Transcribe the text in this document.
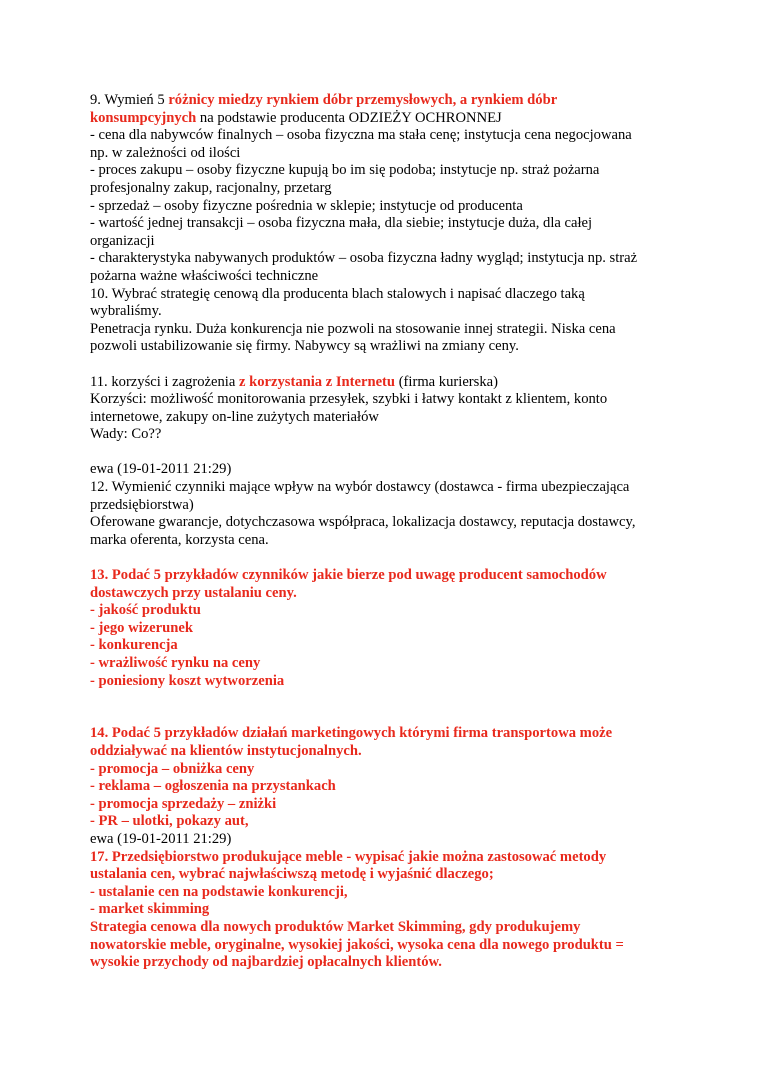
9. Wymień 5 różnicy miedzy rynkiem dóbr przemysłowych, a rynkiem dóbr
konsumpcyjnych na podstawie producenta ODZIEŻY OCHRONNEJ
- cena dla nabywców finalnych – osoba fizyczna ma stała cenę; instytucja cena negocjowana
np. w zależności od ilości
- proces zakupu – osoby fizyczne kupują bo im się podoba; instytucje np. straż pożarna
profesjonalny zakup, racjonalny, przetarg
- sprzedaż – osoby fizyczne pośrednia w sklepie; instytucje od producenta
- wartość jednej transakcji – osoba fizyczna mała, dla siebie; instytucje duża, dla całej
organizacji
- charakterystyka nabywanych produktów – osoba fizyczna ładny wygląd; instytucja np. straż
pożarna ważne właściwości techniczne
10. Wybrać strategię cenową dla producenta blach stalowych i napisać dlaczego taką
wybraliśmy.
Penetracja rynku. Duża konkurencja nie pozwoli na stosowanie innej strategii. Niska cena
pozwoli ustabilizowanie się firmy. Nabywcy są wrażliwi na zmiany ceny.
11. korzyści i zagrożenia z korzystania z Internetu (firma kurierska)
Korzyści: możliwość monitorowania przesyłek, szybki i łatwy kontakt z klientem, konto
internetowe, zakupy on-line zużytych materiałów
Wady: Co??
ewa (19-01-2011 21:29)
12. Wymienić czynniki mające wpływ na wybór dostawcy (dostawca - firma ubezpieczająca
przedsiębiorstwa)
Oferowane gwarancje, dotychczasowa współpraca, lokalizacja dostawcy, reputacja dostawcy,
marka oferenta, korzysta cena.
13. Podać 5 przykładów czynników jakie bierze pod uwagę producent samochodów
dostawczych przy ustalaniu ceny.
- jakość produktu
- jego wizerunek
- konkurencja
- wrażliwość rynku na ceny
- poniesiony koszt wytworzenia
14. Podać 5 przykładów działań marketingowych którymi firma transportowa może
oddziaływać na klientów instytucjonalnych.
- promocja – obniżka ceny
- reklama – ogłoszenia na przystankach
- promocja sprzedaży – zniżki
- PR – ulotki, pokazy aut,
ewa (19-01-2011 21:29)
17. Przedsiębiorstwo produkujące meble - wypisać jakie można zastosować metody
ustalania cen, wybrać najwłaściwszą metodę i wyjaśnić dlaczego;
- ustalanie cen na podstawie konkurencji,
- market skimming
Strategia cenowa dla nowych produktów Market Skimming, gdy produkujemy
nowatorskie meble, oryginalne, wysokiej jakości, wysoka cena dla nowego produktu =
wysokie przychody od najbardziej opłacalnych klientów.
